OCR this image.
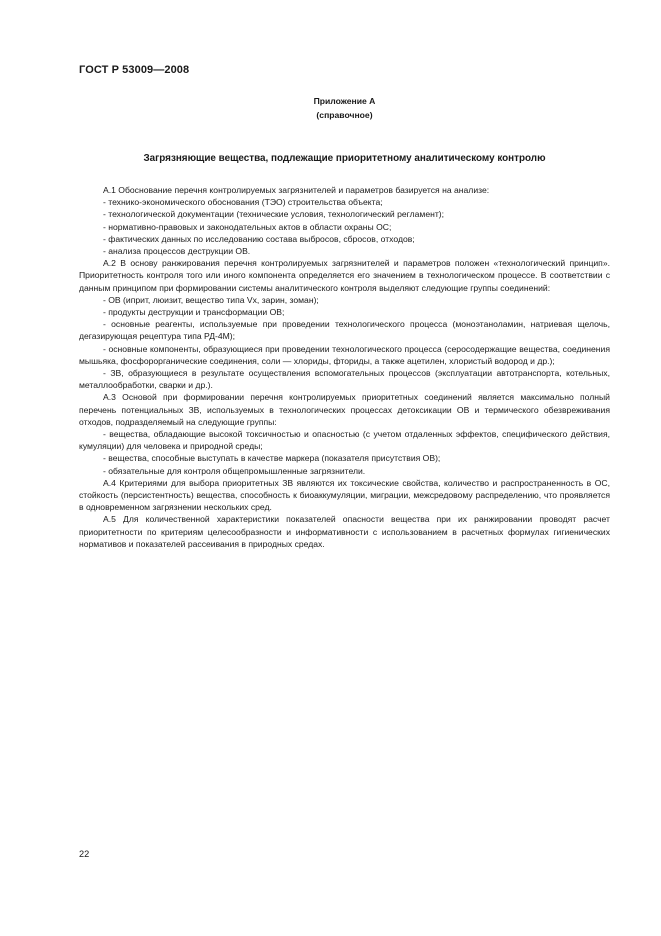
ГОСТ Р 53009—2008
Приложение А
(справочное)
Загрязняющие вещества, подлежащие приоритетному аналитическому контролю

А.1 Обоснование перечня контролируемых загрязнителей и параметров базируется на анализе:

- технико-экономического обоснования (ТЭО) строительства объекта;

- технологической документации (технические условия, технологический регламент);

- нормативно-правовых и законодательных актов в области охраны ОС;

- фактических данных по исследованию состава выбросов, сбросов, отходов;

- анализа процессов деструкции ОВ.

А.2 В основу ранжирования перечня контролируемых загрязнителей и параметров положен «технологический принцип». Приоритетность контроля того или иного компонента определяется его значением в технологическом процессе. В соответствии с данным принципом при формировании системы аналитического контроля выделяют следующие группы соединений:

- ОВ (иприт, люизит, вещество типа Vx, зарин, зоман);

- продукты деструкции и трансформации ОВ;

- основные реагенты, используемые при проведении технологического процесса (моноэтаноламин, натриевая щелочь, дегазирующая рецептура типа РД-4М);

- основные компоненты, образующиеся при проведении технологического процесса (серосодержащие вещества, соединения мышьяка, фосфорорганические соединения, соли — хлориды, фториды, а также ацетилен, хлористый водород и др.);

- ЗВ, образующиеся в результате осуществления вспомогательных процессов (эксплуатации автотранспорта, котельных, металлообработки, сварки и др.).

А.3 Основой при формировании перечня контролируемых приоритетных соединений является максимально полный перечень потенциальных ЗВ, используемых в технологических процессах детоксикации ОВ и термического обезвреживания отходов, подразделяемый на следующие группы:

- вещества, обладающие высокой токсичностью и опасностью (с учетом отдаленных эффектов, специфического действия, кумуляции) для человека и природной среды;

- вещества, способные выступать в качестве маркера (показателя присутствия ОВ);

- обязательные для контроля общепромышленные загрязнители.

А.4 Критериями для выбора приоритетных ЗВ являются их токсические свойства, количество и распространенность в ОС, стойкость (персистентность) вещества, способность к биоаккумуляции, миграции, межсредовому распределению, что проявляется в одновременном загрязнении нескольких сред.

А.5 Для количественной характеристики показателей опасности вещества при их ранжировании проводят расчет приоритетности по критериям целесообразности и информативности с использованием в расчетных формулах гигиенических нормативов и показателей рассеивания в природных средах.

22
